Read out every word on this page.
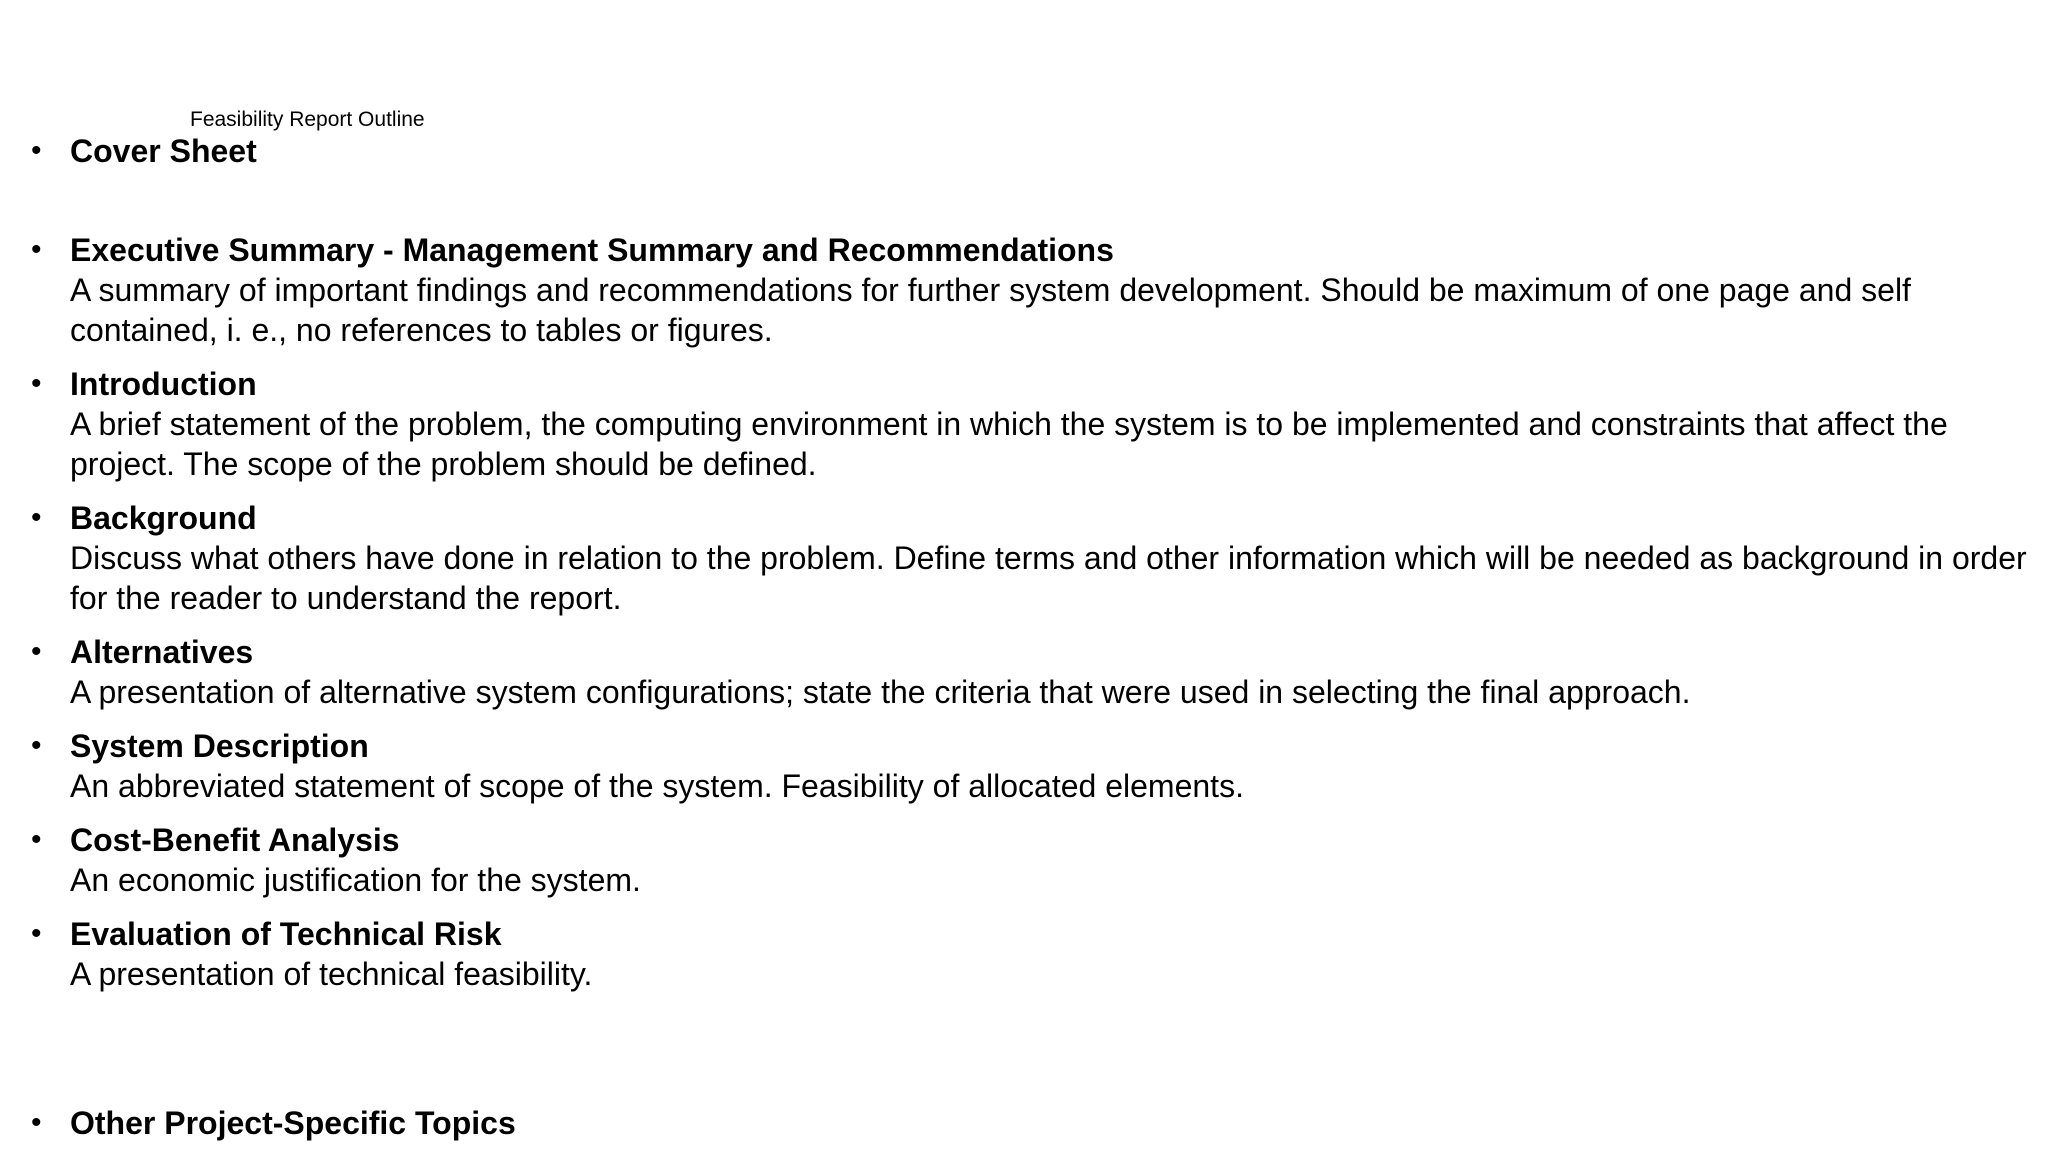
Feasibility Report Outline
• Cover Sheet
• Executive Summary - Management Summary and Recommendations
A summary of important findings and recommendations for further system development. Should be maximum of one page and self contained, i. e., no references to tables or figures.
• Introduction
A brief statement of the problem, the computing environment in which the system is to be implemented and constraints that affect the project. The scope of the problem should be defined.
• Background
Discuss what others have done in relation to the problem. Define terms and other information which will be needed as background in order for the reader to understand the report.
• Alternatives
A presentation of alternative system configurations; state the criteria that were used in selecting the final approach.
• System Description
An abbreviated statement of scope of the system. Feasibility of allocated elements.
• Cost-Benefit Analysis
An economic justification for the system.
• Evaluation of Technical Risk
A presentation of technical feasibility.
• Other Project-Specific Topics
